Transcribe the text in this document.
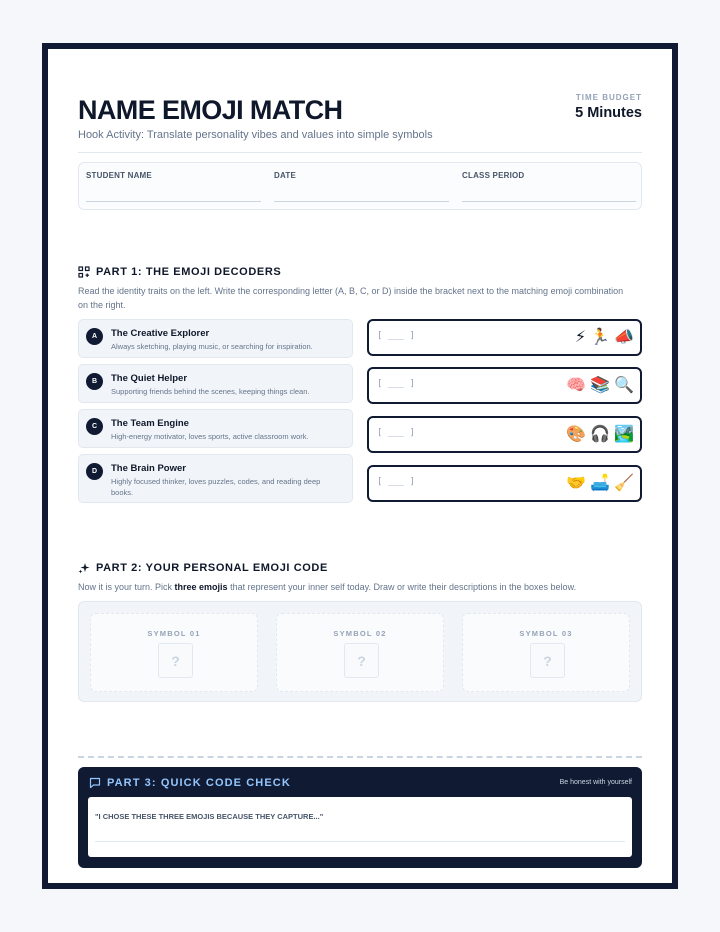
NAME EMOJI MATCH
Hook Activity: Translate personality vibes and values into simple symbols
TIME BUDGET
5 Minutes
STUDENT NAME	DATE	CLASS PERIOD
PART 1: THE EMOJI DECODERS
Read the identity traits on the left. Write the corresponding letter (A, B, C, or D) inside the bracket next to the matching emoji combination on the right.
A	The Creative Explorer
Always sketching, playing music, or searching for inspiration.
B	The Quiet Helper
Supporting friends behind the scenes, keeping things clean.
C	The Team Engine
High-energy motivator, loves sports, active classroom work.
D	The Brain Power
Highly focused thinker, loves puzzles, codes, and reading deep books.
[ ___ ]	⚡ 🏃 📣
[ ___ ]	🧠 📚 🔍
[ ___ ]	🎨 🎧 🏞️
[ ___ ]	🤝 🛋️ 🧹
PART 2: YOUR PERSONAL EMOJI CODE
Now it is your turn. Pick three emojis that represent your inner self today. Draw or write their descriptions in the boxes below.
SYMBOL 01
?
SYMBOL 02
?
SYMBOL 03
?
PART 3: QUICK CODE CHECK	Be honest with yourself
"I CHOSE THESE THREE EMOJIS BECAUSE THEY CAPTURE..."
